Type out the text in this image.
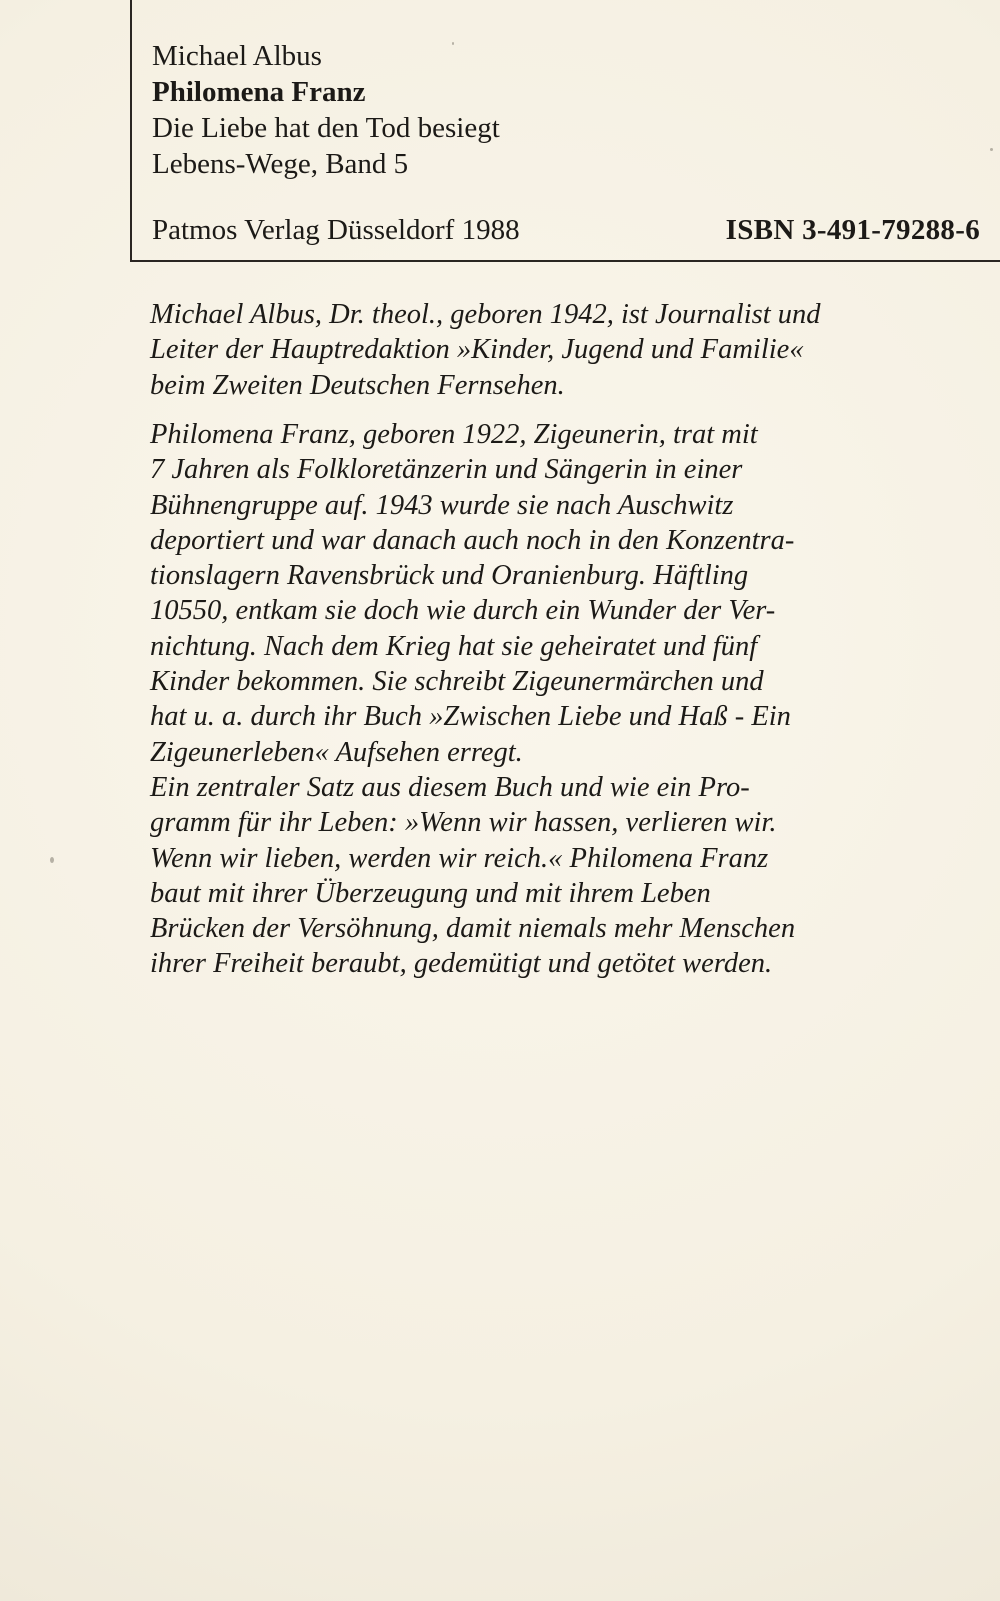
Michael Albus
Philomena Franz
Die Liebe hat den Tod besiegt
Lebens-Wege, Band 5
Patmos Verlag Düsseldorf 1988	ISBN 3-491-79288-6

Michael Albus, Dr. theol., geboren 1942, ist Journalist und
Leiter der Hauptredaktion »Kinder, Jugend und Familie«
beim Zweiten Deutschen Fernsehen.

Philomena Franz, geboren 1922, Zigeunerin, trat mit
7 Jahren als Folkloretänzerin und Sängerin in einer
Bühnengruppe auf. 1943 wurde sie nach Auschwitz
deportiert und war danach auch noch in den Konzentra-
tionslagern Ravensbrück und Oranienburg. Häftling
10550, entkam sie doch wie durch ein Wunder der Ver-
nichtung. Nach dem Krieg hat sie geheiratet und fünf
Kinder bekommen. Sie schreibt Zigeunermärchen und
hat u. a. durch ihr Buch »Zwischen Liebe und Haß - Ein
Zigeunerleben« Aufsehen erregt.
Ein zentraler Satz aus diesem Buch und wie ein Pro-
gramm für ihr Leben: »Wenn wir hassen, verlieren wir.
Wenn wir lieben, werden wir reich.« Philomena Franz
baut mit ihrer Überzeugung und mit ihrem Leben
Brücken der Versöhnung, damit niemals mehr Menschen
ihrer Freiheit beraubt, gedemütigt und getötet werden.
